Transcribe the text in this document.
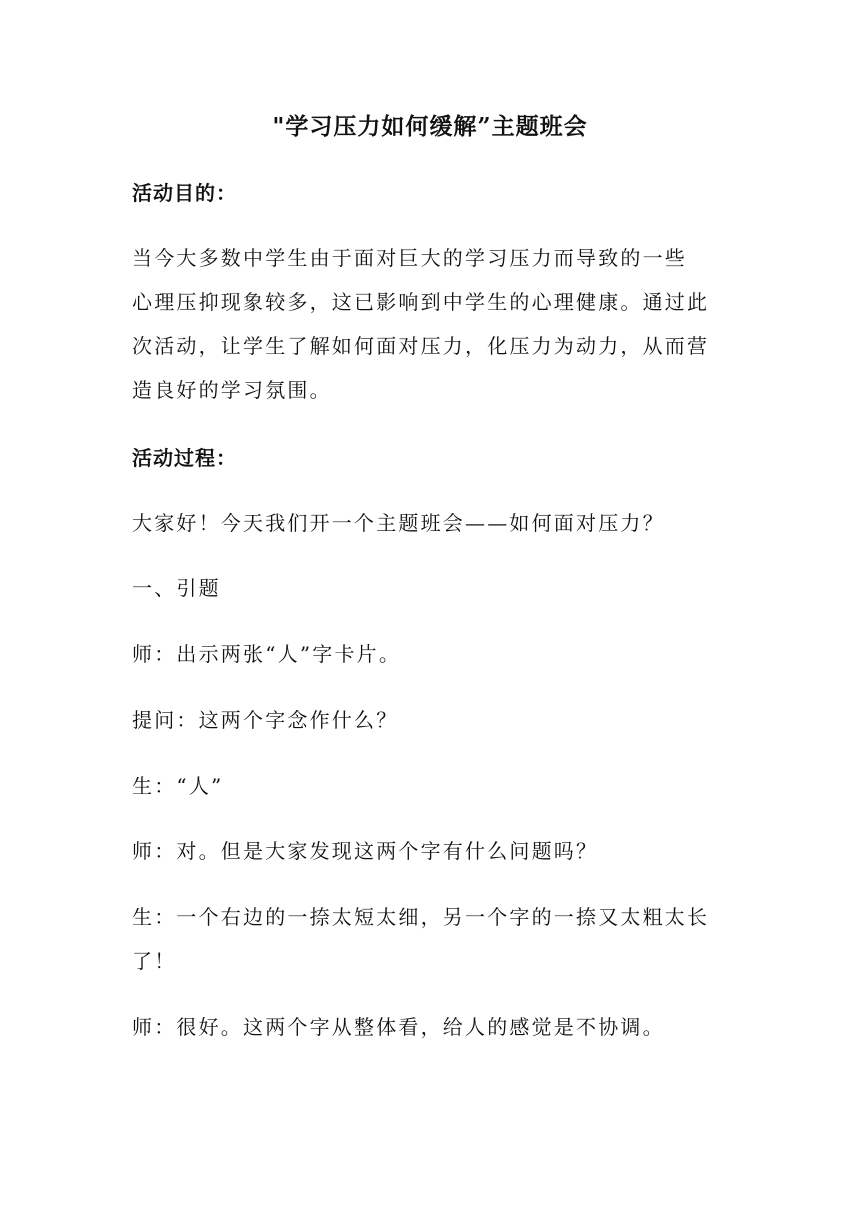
"学习压力如何缓解”主题班会
活动目的：
当今大多数中学生由于面对巨大的学习压力而导致的一些
心理压抑现象较多，这已影响到中学生的心理健康。通过此
次活动，让学生了解如何面对压力，化压力为动力，从而营
造良好的学习氛围。
活动过程：
大家好！今天我们开一个主题班会——如何面对压力？
一、引题
师：出示两张“人”字卡片。
提问：这两个字念作什么？
生：“人”
师：对。但是大家发现这两个字有什么问题吗？
生：一个右边的一捺太短太细，另一个字的一捺又太粗太长
了！
师：很好。这两个字从整体看，给人的感觉是不协调。
